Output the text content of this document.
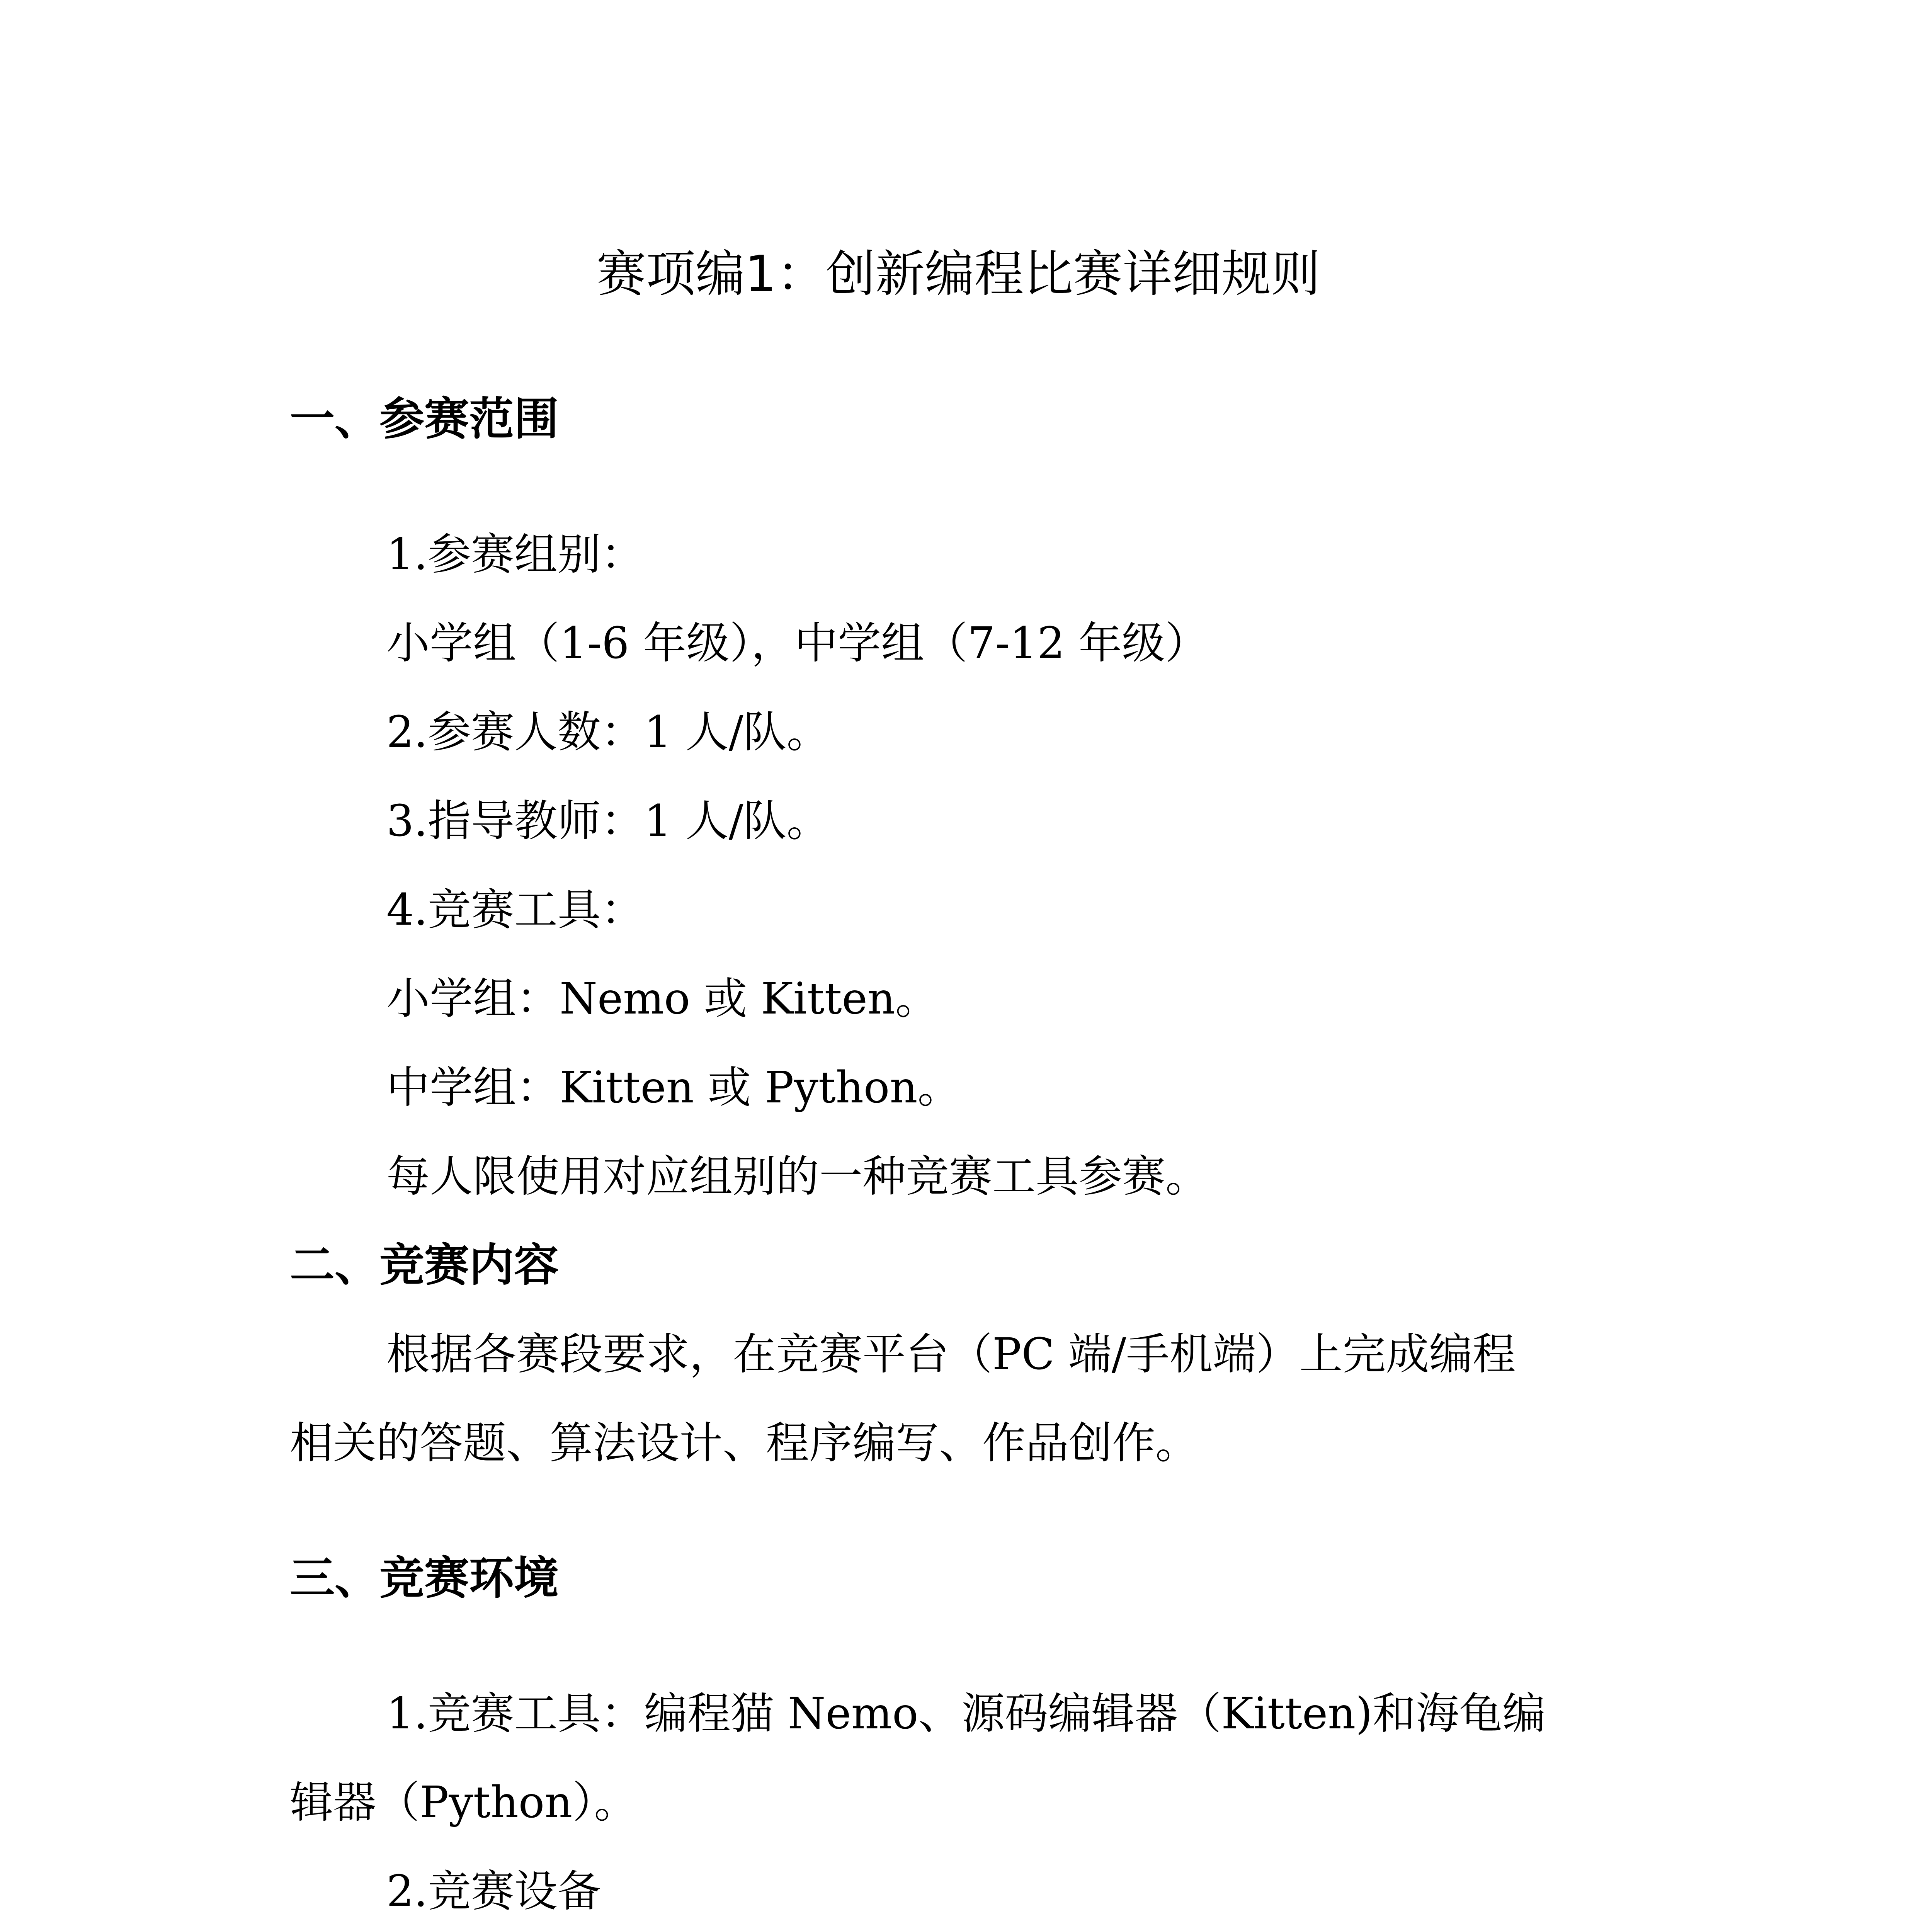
赛项编1：创新编程比赛详细规则
一、参赛范围
1.参赛组别：
小学组（1-6 年级），中学组（7-12 年级）
2.参赛人数：1 人/队。
3.指导教师：1 人/队。
4.竞赛工具：
小学组：Nemo 或 Kitten。
中学组：Kitten 或 Python。
每人限使用对应组别的一种竞赛工具参赛。
二、竞赛内容
根据各赛段要求，在竞赛平台（PC 端/手机端）上完成编程
相关的答题、算法设计、程序编写、作品创作。
三、竞赛环境
1.竞赛工具：编程猫 Nemo、源码编辑器（Kitten)和海龟编
辑器（Python）。
2.竞赛设备
